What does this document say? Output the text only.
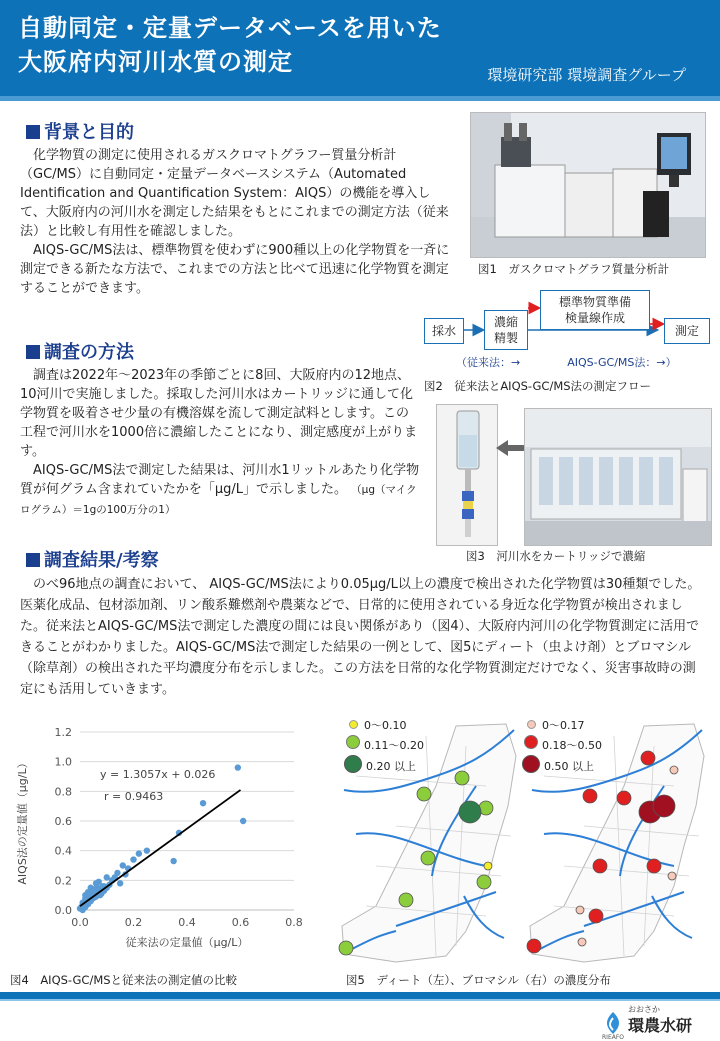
自動同定・定量データベースを用いた
大阪府内河川水質の測定	環境研究部 環境調査グループ
背景と目的

化学物質の測定に使用されるガスクロマトグラフー質量分析計（GC/MS）に自動同定・定量データベースシステム（Automated Identification and Quantification System：AIQS）の機能を導入して、大阪府内の河川水を測定した結果をもとにこれまでの測定方法（従来法）と比較し有用性を確認しました。

AIQS-GC/MS法は、標準物質を使わずに900種以上の化学物質を一斉に測定できる新たな方法で、これまでの方法と比べて迅速に化学物質を測定することができます。

図1　ガスクロマトグラフ質量分析計
採水
濃縮
精製
標準物質準備
検量線作成
測定
（従来法：→	AIQS-GC/MS法：→）
図2　従来法とAIQS-GC/MS法の測定フロー
調査の方法

調査は2022年～2023年の季節ごとに8回、大阪府内の12地点、10河川で実施しました。採取した河川水はカートリッジに通して化学物質を吸着させ少量の有機溶媒を流して測定試料とします。この工程で河川水を1000倍に濃縮したことになり、測定感度が上がります。

AIQS-GC/MS法で測定した結果は、河川水1リットルあたり化学物質が何グラム含まれていたかを「μg/L」で示しました。 （μg（マイクログラム）＝1gの100万分の1）

図3　河川水をカートリッジで濃縮
調査結果/考察

のべ96地点の調査において、 AIQS-GC/MS法により0.05μg/L以上の濃度で検出された化学物質は30種類でした。医薬化成品、包材添加剤、リン酸系難燃剤や農薬などで、日常的に使用されている身近な化学物質が検出されました。従来法とAIQS-GC/MS法で測定した濃度の間には良い関係があり（図4）、大阪府内河川の化学物質測定に活用できることがわかりました。AIQS-GC/MS法で測定した結果の一例として、図5にディート（虫よけ剤）とブロマシル（除草剤）の検出された平均濃度分布を示しました。この方法を日常的な化学物質測定だけでなく、災害事故時の測定にも活用していきます。

0.0
0.2
0.4
0.6
0.8
1.0
1.2
0.0	0.2	0.4	0.6	0.8
y = 1.3057x + 0.026
r = 0.9463
従来法の定量値（μg/L）
AIQS法の定量値（μg/L）
図4　AIQS-GC/MSと従来法の測定値の比較
0～0.10
0.11～0.20
0.20 以上
0～0.17
0.18～0.50
0.50 以上
図5　ディート（左）、ブロマシル（右）の濃度分布
おおさか
環農水研
RIEAFO
